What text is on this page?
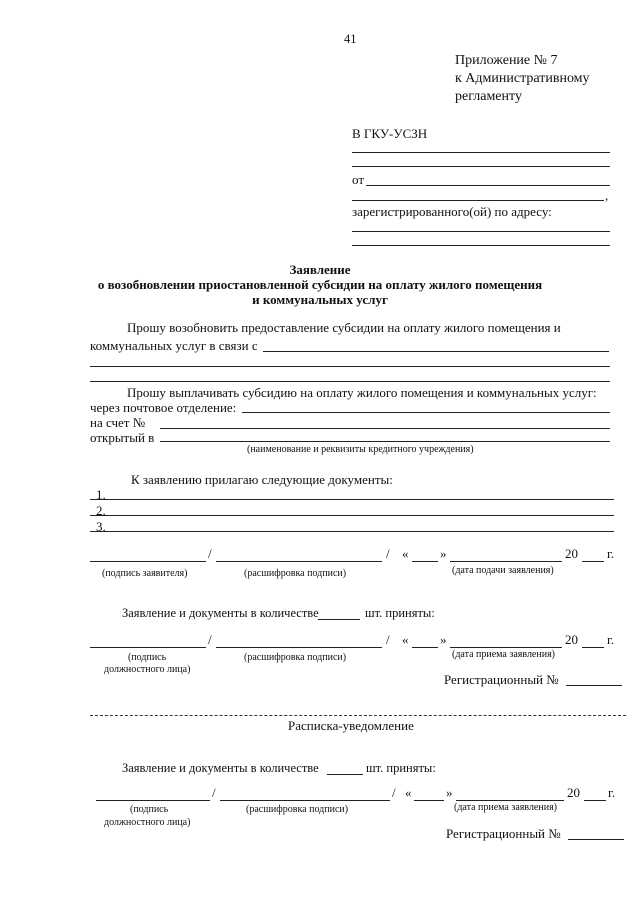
41
Приложение № 7
к Административному
регламенту
В ГКУ-УСЗН
от
,
зарегистрированного(ой) по адресу:
Заявление
о возобновлении приостановленной субсидии на оплату жилого помещения
и коммунальных услуг
Прошу возобновить предоставление субсидии на оплату жилого помещения и
коммунальных услуг в связи с
Прошу выплачивать субсидию на оплату жилого помещения и коммунальных услуг:
через почтовое отделение:
на счет №
открытый в
(наименование и реквизиты кредитного учреждения)
К заявлению прилагаю следующие документы:
1.
2.
3.
/	/ « »	20 г.
(подпись заявителя)	(расшифровка подписи)	(дата подачи заявления)
Заявление и документы в количестве	шт. приняты:
/	/ « »	20 г.
(подпись
должностного лица)
(расшифровка подписи)	(дата приема заявления)
Регистрационный №
Расписка-уведомление
Заявление и документы в количестве	шт. приняты:
/	/ «	»	20 г.
(подпись
должностного лица)
(расшифровка подписи)	(дата приема заявления)
Регистрационный №
